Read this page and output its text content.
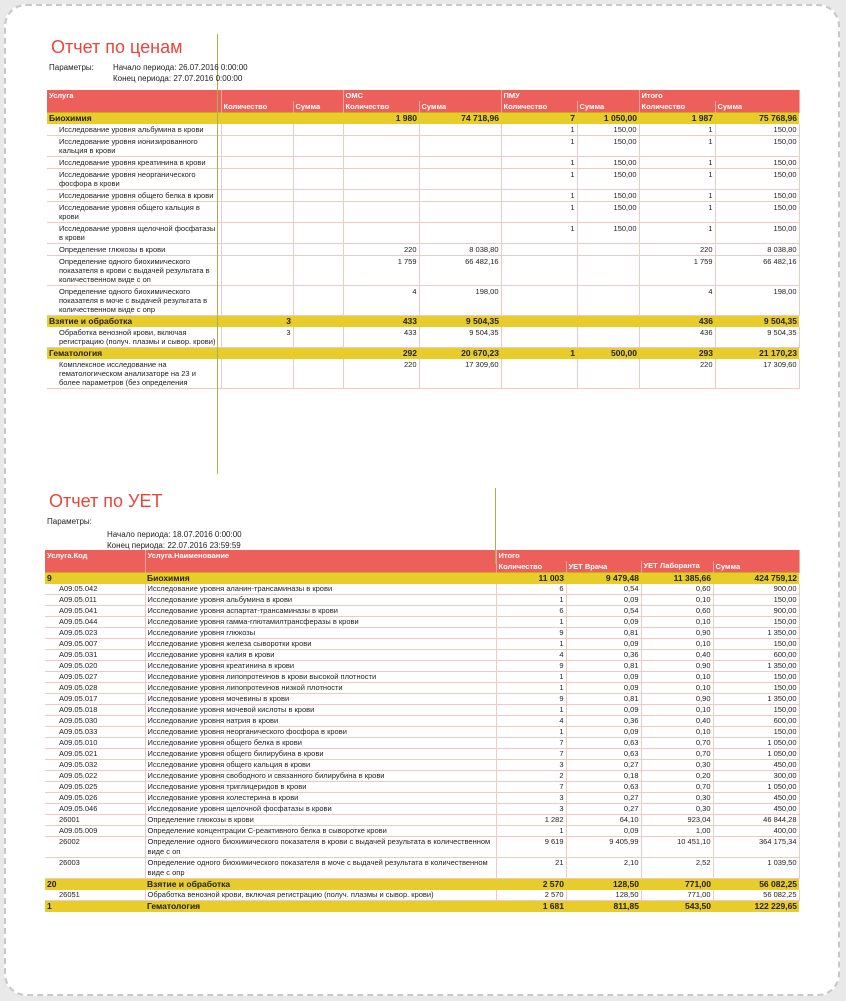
Отчет по ценам
Параметры: Начало периода: 26.07.2016 0:00:00
Конец периода: 27.07.2016 0:00:00
Услуга			ОМС		ПМУ		Итого	
	Количество	Сумма	Количество	Сумма	Количество	Сумма	Количество	Сумма
Биохимия			1 980	74 718,96	7	1 050,00	1 987	75 768,96
Исследование уровня альбумина в крови					1	150,00	1	150,00
Исследование уровня ионизированного кальция в крови					1	150,00	1	150,00
Исследование уровня креатинина в крови					1	150,00	1	150,00
Исследование уровня неорганического фосфора в крови					1	150,00	1	150,00
Исследование уровня общего белка в крови					1	150,00	1	150,00
Исследование уровня общего кальция в крови					1	150,00	1	150,00
Исследование уровня щелочной фосфатазы в крови					1	150,00	1	150,00
Определение глюкозы в крови			220	8 038,80			220	8 038,80
Определение одного биохимического показателя в крови с выдачей результата в количественном виде с оп			1 759	66 482,16			1 759	66 482,16
Определение одного биохимического показателя в моче с выдачей результата в количественном виде с опр			4	198,00			4	198,00
Взятие и обработка	3		433	9 504,35			436	9 504,35
Обработка венозной крови, включая регистрацию (получ. плазмы и сывор. крови)	3		433	9 504,35			436	9 504,35
Гематология			292	20 670,23	1	500,00	293	21 170,23
Комплексное исследование на гематологическом анализаторе на 23 и более параметров (без определения			220	17 309,60			220	17 309,60
Отчет по УЕТ
Параметры:
Начало периода: 18.07.2016 0:00:00
Конец периода: 22.07.2016 23:59:59
Услуга.Код	Услуга.Наименование	Итого			
		Количество	УЕТ Врача	УЕТ Лаборанта	Сумма
9	Биохимия	11 003	9 479,48	11 385,66	424 759,12
A09.05.042	Исследование уровня аланин-трансаминазы в крови	6	0,54	0,60	900,00
A09.05.011	Исследование уровня альбумина в крови	1	0,09	0,10	150,00
A09.05.041	Исследование уровня аспартат-трансаминазы в крови	6	0,54	0,60	900,00
A09.05.044	Исследование уровня гамма-глютамилтрансферазы в крови	1	0,09	0,10	150,00
A09.05.023	Исследование уровня глюкозы	9	0,81	0,90	1 350,00
A09.05.007	Исследование уровня железа сыворотки крови	1	0,09	0,10	150,00
A09.05.031	Исследование уровня калия в крови	4	0,36	0,40	600,00
A09.05.020	Исследование уровня креатинина в крови	9	0,81	0,90	1 350,00
A09.05.027	Исследование уровня липопротеинов в крови высокой плотности	1	0,09	0,10	150,00
A09.05.028	Исследование уровня липопротеинов низкой плотности	1	0,09	0,10	150,00
A09.05.017	Исследование уровня мочевины в крови	9	0,81	0,90	1 350,00
A09.05.018	Исследование уровня мочевой кислоты в крови	1	0,09	0,10	150,00
A09.05.030	Исследование уровня натрия в крови	4	0,36	0,40	600,00
A09.05.033	Исследование уровня неорганического фосфора в крови	1	0,09	0,10	150,00
A09.05.010	Исследование уровня общего белка в крови	7	0,63	0,70	1 050,00
A09.05.021	Исследование уровня общего билирубина в крови	7	0,63	0,70	1 050,00
A09.05.032	Исследование уровня общего кальция в крови	3	0,27	0,30	450,00
A09.05.022	Исследование уровня свободного и связанного билирубина в крови	2	0,18	0,20	300,00
A09.05.025	Исследование уровня триглицеридов в крови	7	0,63	0,70	1 050,00
A09.05.026	Исследование уровня холестерина в крови	3	0,27	0,30	450,00
A09.05.046	Исследование уровня щелочной фосфатазы в крови	3	0,27	0,30	450,00
26001	Определение глюкозы в крови	1 282	64,10	923,04	46 844,28
A09.05.009	Определение концентрации С-реактивного белка в сыворотке крови	1	0,09	1,00	400,00
26002	Определение одного биохимического показателя в крови с выдачей результата в количественном виде с оп	9 619	9 405,99	10 451,10	364 175,34
26003	Определение одного биохимического показателя в моче с выдачей результата в количественном виде с опр	21	2,10	2,52	1 039,50
20	Взятие и обработка	2 570	128,50	771,00	56 082,25
26051	Обработка венозной крови, включая регистрацию (получ. плазмы и сывор. крови)	2 570	128,50	771,00	56 082,25
1	Гематология	1 681	811,85	543,50	122 229,65
